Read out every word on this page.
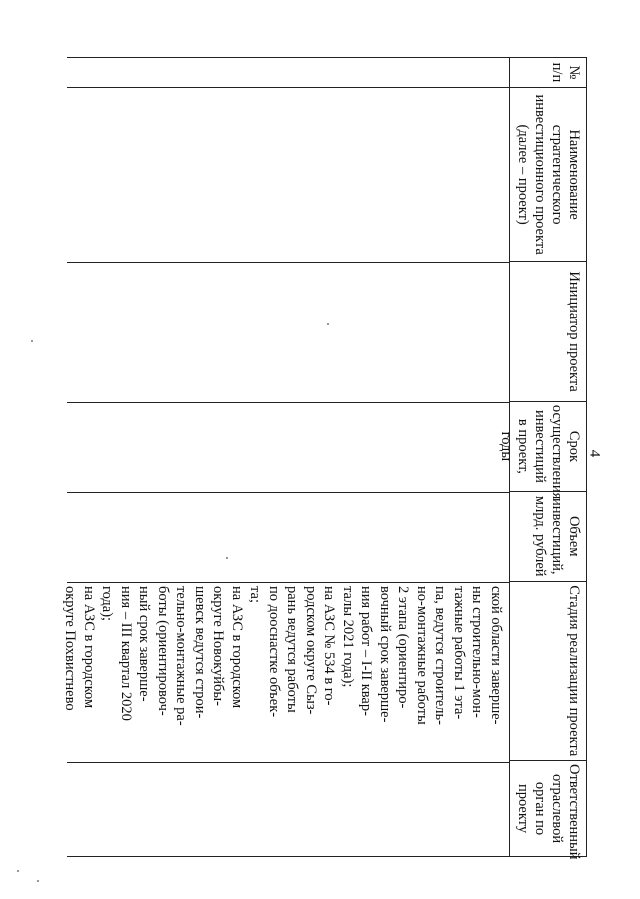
4
№ п/п
Наименование стратегического инвестиционного проекта (далее – проект)
Инициатор проекта
Срок осуществления инвестиций в проект, годы
Объем инвестиций, млрд. рублей
Стадия реализации проекта
Ответственный отраслевой орган по проекту
ской области заверше-
ны строительно-мон-
тажные работы 1 эта-
па, ведутся строитель-
но-монтажные работы
2 этапа (ориентиро-
вочный срок заверше-
ния работ – I-II квар-
талы 2021 года);
на АЗС № 534 в го-
родском округе Сыз-
рань ведутся работы
по дооснастке объек-
та;
на АЗС в городском
округе Новокуйбы-
шевск ведутся строи-
тельно-монтажные ра-
боты (ориентировоч-
ный срок заверше-
ния – III квартал 2020
года);
на АЗС в городском
округе Похвистнево
